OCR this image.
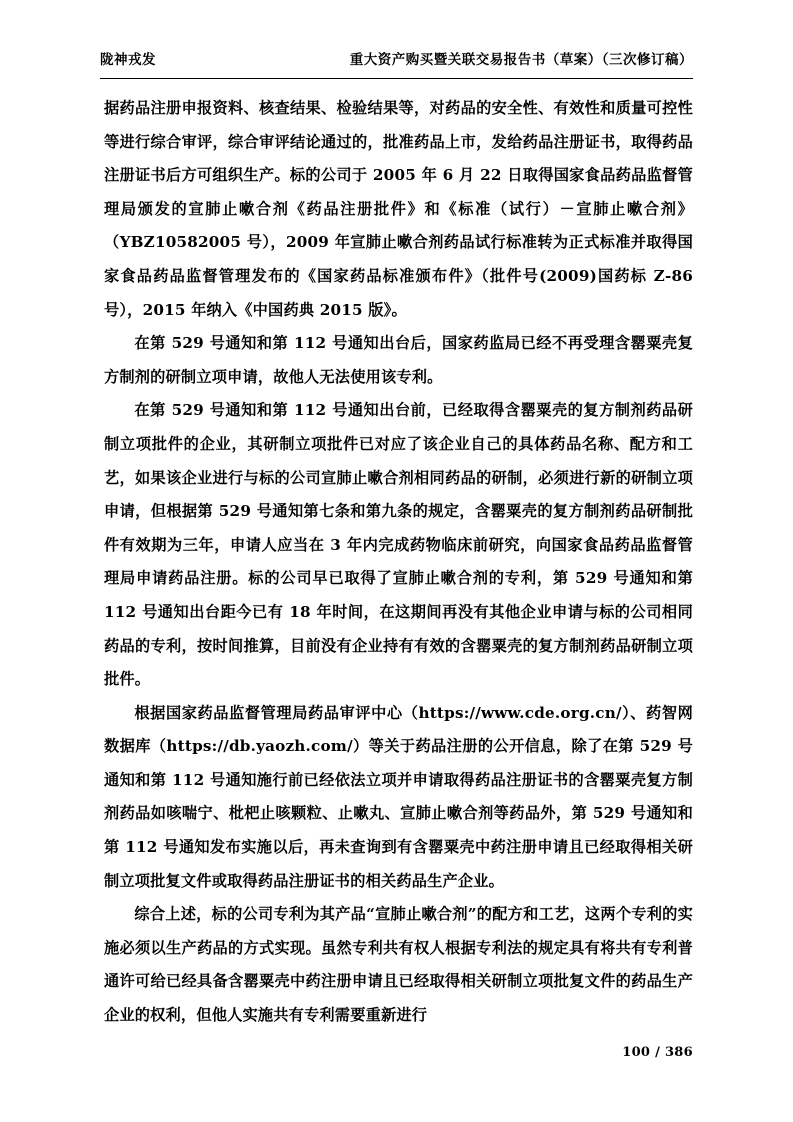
陇神戎发	重大资产购买暨关联交易报告书（草案）（三次修订稿）

据药品注册申报资料、核查结果、检验结果等，对药品的安全性、有效性和质量可控性等进行综合审评，综合审评结论通过的，批准药品上市，发给药品注册证书，取得药品注册证书后方可组织生产。标的公司于 2005 年 6 月 22 日取得国家食品药品监督管理局颁发的宣肺止嗽合剂《药品注册批件》和《标准（试行）－宣肺止嗽合剂》（YBZ10582005 号），2009 年宣肺止嗽合剂药品试行标准转为正式标准并取得国家食品药品监督管理发布的《国家药品标准颁布件》（批件号(2009)国药标 Z-86 号），2015 年纳入《中国药典 2015 版》。

在第 529 号通知和第 112 号通知出台后，国家药监局已经不再受理含罂粟壳复方制剂的研制立项申请，故他人无法使用该专利。

在第 529 号通知和第 112 号通知出台前，已经取得含罂粟壳的复方制剂药品研制立项批件的企业，其研制立项批件已对应了该企业自己的具体药品名称、配方和工艺，如果该企业进行与标的公司宣肺止嗽合剂相同药品的研制，必须进行新的研制立项申请，但根据第 529 号通知第七条和第九条的规定，含罂粟壳的复方制剂药品研制批件有效期为三年，申请人应当在 3 年内完成药物临床前研究，向国家食品药品监督管理局申请药品注册。标的公司早已取得了宣肺止嗽合剂的专利，第 529 号通知和第 112 号通知出台距今已有 18 年时间，在这期间再没有其他企业申请与标的公司相同药品的专利，按时间推算，目前没有企业持有有效的含罂粟壳的复方制剂药品研制立项批件。

根据国家药品监督管理局药品审评中心（https://www.cde.org.cn/）、药智网数据库（https://db.yaozh.com/）等关于药品注册的公开信息，除了在第 529 号通知和第 112 号通知施行前已经依法立项并申请取得药品注册证书的含罂粟壳复方制剂药品如咳喘宁、枇杷止咳颗粒、止嗽丸、宣肺止嗽合剂等药品外，第 529 号通知和第 112 号通知发布实施以后，再未查询到有含罂粟壳中药注册申请且已经取得相关研制立项批复文件或取得药品注册证书的相关药品生产企业。

综合上述，标的公司专利为其产品“宣肺止嗽合剂”的配方和工艺，这两个专利的实施必须以生产药品的方式实现。虽然专利共有权人根据专利法的规定具有将共有专利普通许可给已经具备含罂粟壳中药注册申请且已经取得相关研制立项批复文件的药品生产企业的权利，但他人实施共有专利需要重新进行

100 / 386
